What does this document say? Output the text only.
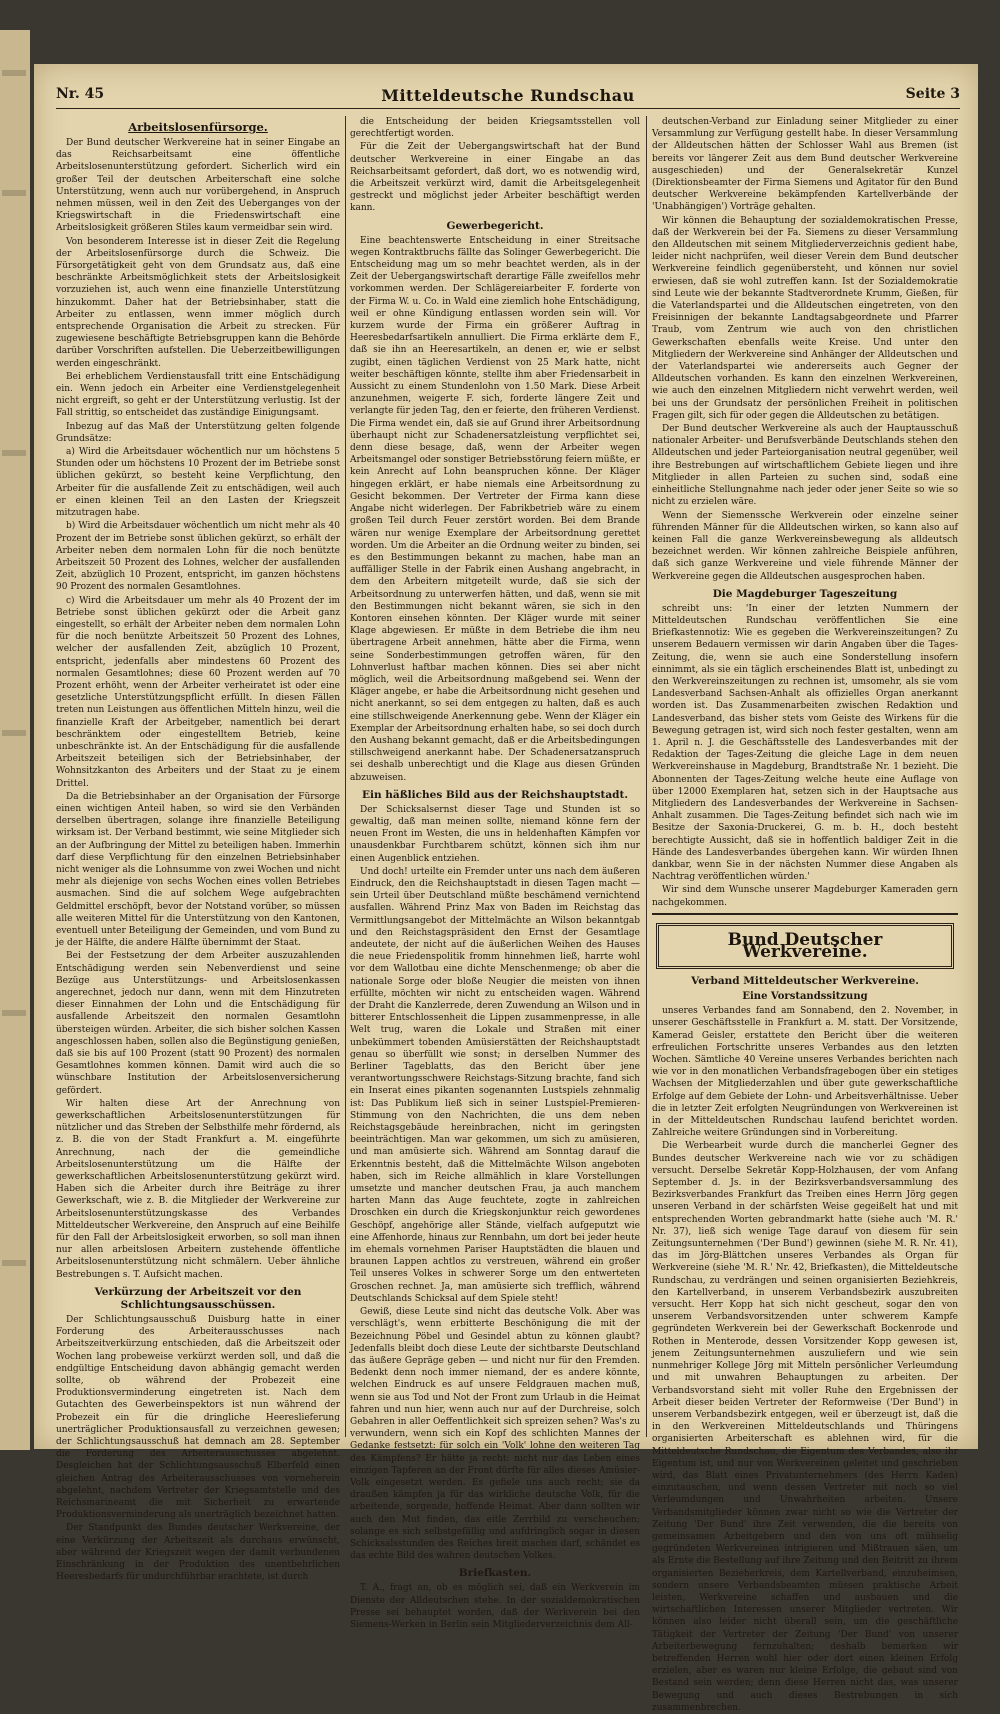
Nr. 45	Mitteldeutsche Rundschau	Seite 3
Arbeitslosenfürsorge.

Der Bund deutscher Werkvereine hat in seiner Eingabe an das Reichsarbeitsamt eine öffentliche Arbeitslosenunterstützung gefordert. Sicherlich wird ein großer Teil der deutschen Arbeiterschaft eine solche Unterstützung, wenn auch nur vorübergehend, in Anspruch nehmen müssen, weil in den Zeit des Ueberganges von der Kriegswirtschaft in die Friedenswirtschaft eine Arbeitslosigkeit größeren Stiles kaum vermeidbar sein wird.

Von besonderem Interesse ist in dieser Zeit die Regelung der Arbeitslosenfürsorge durch die Schweiz. Die Fürsorgetätigkeit geht von dem Grundsatz aus, daß eine beschränkte Arbeitsmöglichkeit stets der Arbeitslosigkeit vorzuziehen ist, auch wenn eine finanzielle Unterstützung hinzukommt. Daher hat der Betriebsinhaber, statt die Arbeiter zu entlassen, wenn immer möglich durch entsprechende Organisation die Arbeit zu strecken. Für zugewiesene beschäftigte Betriebsgruppen kann die Behörde darüber Vorschriften aufstellen. Die Ueberzeitbewilligungen werden eingeschränkt.

Bei erheblichem Verdienstausfall tritt eine Entschädigung ein. Wenn jedoch ein Arbeiter eine Verdienstgelegenheit nicht ergreift, so geht er der Unterstützung verlustig. Ist der Fall strittig, so entscheidet das zuständige Einigungsamt.

Inbezug auf das Maß der Unterstützung gelten folgende Grundsätze:

a) Wird die Arbeitsdauer wöchentlich nur um höchstens 5 Stunden oder um höchstens 10 Prozent der im Betriebe sonst üblichen gekürzt, so besteht keine Verpflichtung, den Arbeiter für die ausfallende Zeit zu entschädigen, weil auch er einen kleinen Teil an den Lasten der Kriegszeit mitzutragen habe.

b) Wird die Arbeitsdauer wöchentlich um nicht mehr als 40 Prozent der im Betriebe sonst üblichen gekürzt, so erhält der Arbeiter neben dem normalen Lohn für die noch benützte Arbeitszeit 50 Prozent des Lohnes, welcher der ausfallenden Zeit, abzüglich 10 Prozent, entspricht, im ganzen höchstens 90 Prozent des normalen Gesamtlohnes.

c) Wird die Arbeitsdauer um mehr als 40 Prozent der im Betriebe sonst üblichen gekürzt oder die Arbeit ganz eingestellt, so erhält der Arbeiter neben dem normalen Lohn für die noch benützte Arbeitszeit 50 Prozent des Lohnes, welcher der ausfallenden Zeit, abzüglich 10 Prozent, entspricht, jedenfalls aber mindestens 60 Prozent des normalen Gesamtlohnes; diese 60 Prozent werden auf 70 Prozent erhöht, wenn der Arbeiter verheiratet ist oder eine gesetzliche Unterstützungspflicht erfüllt. In diesen Fällen treten nun Leistungen aus öffentlichen Mitteln hinzu, weil die finanzielle Kraft der Arbeitgeber, namentlich bei derart beschränktem oder eingestelltem Betrieb, keine unbeschränkte ist. An der Entschädigung für die ausfallende Arbeitszeit beteiligen sich der Betriebsinhaber, der Wohnsitzkanton des Arbeiters und der Staat zu je einem Drittel.

Da die Betriebsinhaber an der Organisation der Fürsorge einen wichtigen Anteil haben, so wird sie den Verbänden derselben übertragen, solange ihre finanzielle Beteiligung wirksam ist. Der Verband bestimmt, wie seine Mitglieder sich an der Aufbringung der Mittel zu beteiligen haben. Immerhin darf diese Verpflichtung für den einzelnen Betriebsinhaber nicht weniger als die Lohnsumme von zwei Wochen und nicht mehr als diejenige von sechs Wochen eines vollen Betriebes ausmachen. Sind die auf solchem Wege aufgebrachten Geldmittel erschöpft, bevor der Notstand vorüber, so müssen alle weiteren Mittel für die Unterstützung von den Kantonen, eventuell unter Beteiligung der Gemeinden, und vom Bund zu je der Hälfte, die andere Hälfte übernimmt der Staat.

Bei der Festsetzung der dem Arbeiter auszuzahlenden Entschädigung werden sein Nebenverdienst und seine Bezüge aus Unterstützungs- und Arbeitslosenkassen angerechnet, jedoch nur dann, wenn mit dem Hinzutreten dieser Einnahmen der Lohn und die Entschädigung für ausfallende Arbeitszeit den normalen Gesamtlohn übersteigen würden. Arbeiter, die sich bisher solchen Kassen angeschlossen haben, sollen also die Begünstigung genießen, daß sie bis auf 100 Prozent (statt 90 Prozent) des normalen Gesamtlohnes kommen können. Damit wird auch die so wünschbare Institution der Arbeitslosenversicherung gefördert.

Wir halten diese Art der Anrechnung von gewerkschaftlichen Arbeitslosenunterstützungen für nützlicher und das Streben der Selbsthilfe mehr fördernd, als z. B. die von der Stadt Frankfurt a. M. eingeführte Anrechnung, nach der die gemeindliche Arbeitslosenunterstützung um die Hälfte der gewerkschaftlichen Arbeitslosenunterstützung gekürzt wird. Haben sich die Arbeiter durch ihre Beiträge zu ihrer Gewerkschaft, wie z. B. die Mitglieder der Werkvereine zur Arbeitslosenunterstützungskasse des Verbandes Mitteldeutscher Werkvereine, den Anspruch auf eine Beihilfe für den Fall der Arbeitslosigkeit erworben, so soll man ihnen nur allen arbeitslosen Arbeitern zustehende öffentliche Arbeitslosenunterstützung nicht schmälern. Ueber ähnliche Bestrebungen s. T. Aufsicht machen.

Verkürzung der Arbeitszeit vor den Schlichtungsausschüssen.

Der Schlichtungsausschuß Duisburg hatte in einer Forderung des Arbeiterausschusses nach Arbeitszeitverkürzung entschieden, daß die Arbeitszeit oder Wochen lang probeweise verkürzt werden soll, und daß die endgültige Entscheidung davon abhängig gemacht werden sollte, ob während der Probezeit eine Produktionsverminderung eingetreten ist. Nach dem Gutachten des Gewerbeinspektors ist nun während der Probezeit ein für die dringliche Heereslieferung unerträglicher Produktionsausfall zu verzeichnen gewesen; der Schlichtungsausschuß hat demnach am 28. September die Forderung des Arbeiterausschusses abgelehnt. Desgleichen hat der Schlichtungsausschuß Elberfeld einen gleichen Antrag des Arbeiterausschusses von vorneherein abgelehnt, nachdem Vertreter der Kriegsamtstelle und des Reichsmarineamt die mit Sicherheit zu erwartende Produktionsverminderung als unerträglich bezeichnet hatten.

Der Standpunkt des Bundes deutscher Werkvereine, der eine Verkürzung der Arbeitszeit als durchaus erwünscht, aber während der Kriegszeit wegen der damit verbundenen Einschränkung in der Produktion des unentbehrlichen Heeresbedarfs für undurchführbar erachtete, ist durch

die Entscheidung der beiden Kriegsamtsstellen voll gerechtfertigt worden.

Für die Zeit der Uebergangswirtschaft hat der Bund deutscher Werkvereine in einer Eingabe an das Reichsarbeitsamt gefordert, daß dort, wo es notwendig wird, die Arbeitszeit verkürzt wird, damit die Arbeitsgelegenheit gestreckt und möglichst jeder Arbeiter beschäftigt werden kann.

Gewerbegericht.

Eine beachtenswerte Entscheidung in einer Streitsache wegen Kontraktbruchs fällte das Solinger Gewerbegericht. Die Entscheidung mag um so mehr beachtet werden, als in der Zeit der Uebergangswirtschaft derartige Fälle zweifellos mehr vorkommen werden. Der Schlägereiarbeiter F. forderte von der Firma W. u. Co. in Wald eine ziemlich hohe Entschädigung, weil er ohne Kündigung entlassen worden sein will. Vor kurzem wurde der Firma ein größerer Auftrag in Heeresbedarfsartikeln annulliert. Die Firma erklärte dem F., daß sie ihn an Heeresartikeln, an denen er, wie er selbst zugibt, einen täglichen Verdienst von 25 Mark hatte, nicht weiter beschäftigen könnte, stellte ihm aber Friedensarbeit in Aussicht zu einem Stundenlohn von 1.50 Mark. Diese Arbeit anzunehmen, weigerte F. sich, forderte längere Zeit und verlangte für jeden Tag, den er feierte, den früheren Verdienst. Die Firma wendet ein, daß sie auf Grund ihrer Arbeitsordnung überhaupt nicht zur Schadenersatzleistung verpflichtet sei, denn diese besage, daß, wenn der Arbeiter wegen Arbeitsmangel oder sonstiger Betriebsstörung feiern müßte, er kein Anrecht auf Lohn beanspruchen könne. Der Kläger hingegen erklärt, er habe niemals eine Arbeitsordnung zu Gesicht bekommen. Der Vertreter der Firma kann diese Angabe nicht widerlegen. Der Fabrikbetrieb wäre zu einem großen Teil durch Feuer zerstört worden. Bei dem Brande wären nur wenige Exemplare der Arbeitsordnung gerettet worden. Um die Arbeiter an die Ordnung weiter zu binden, sei es den Bestimmungen bekannt zu machen, habe man an auffälliger Stelle in der Fabrik einen Aushang angebracht, in dem den Arbeitern mitgeteilt wurde, daß sie sich der Arbeitsordnung zu unterwerfen hätten, und daß, wenn sie mit den Bestimmungen nicht bekannt wären, sie sich in den Kontoren einsehen könnten. Der Kläger wurde mit seiner Klage abgewiesen. Er müßte in dem Betriebe die ihm neu übertragene Arbeit annehmen, hätte aber die Firma, wenn seine Sonderbestimmungen getroffen wären, für den Lohnverlust haftbar machen können. Dies sei aber nicht möglich, weil die Arbeitsordnung maßgebend sei. Wenn der Kläger angebe, er habe die Arbeitsordnung nicht gesehen und nicht anerkannt, so sei dem entgegen zu halten, daß es auch eine stillschweigende Anerkennung gebe. Wenn der Kläger ein Exemplar der Arbeitsordnung erhalten habe, so sei doch durch den Aushang bekannt gemacht, daß er die Arbeitsbedingungen stillschweigend anerkannt habe. Der Schadenersatzanspruch sei deshalb unberechtigt und die Klage aus diesen Gründen abzuweisen.

Ein häßliches Bild aus der Reichshauptstadt.

Der Schicksalsernst dieser Tage und Stunden ist so gewaltig, daß man meinen sollte, niemand könne fern der neuen Front im Westen, die uns in heldenhaften Kämpfen vor unausdenkbar Furchtbarem schützt, können sich ihm nur einen Augenblick entziehen.

Und doch! urteilte ein Fremder unter uns nach dem äußeren Eindruck, den die Reichshauptstadt in diesen Tagen macht — sein Urteil über Deutschland müßte beschämend vernichtend ausfallen. Während Prinz Max von Baden im Reichstag das Vermittlungsangebot der Mittelmächte an Wilson bekanntgab und den Reichstagspräsident den Ernst der Gesamtlage andeutete, der nicht auf die äußerlichen Weihen des Hauses die neue Friedenspolitik fromm hinnehmen ließ, harrte wohl vor dem Wallotbau eine dichte Menschenmenge; ob aber die nationale Sorge oder bloße Neugier die meisten von ihnen erfüllte, möchten wir nicht zu entscheiden wagen. Während der Draht die Kanzlerrede, deren Zuwendung an Wilson und in bitterer Entschlossenheit die Lippen zusammenpresse, in alle Welt trug, waren die Lokale und Straßen mit einer unbekümmert tobenden Amüsierstätten der Reichshauptstadt genau so überfüllt wie sonst; in derselben Nummer des Berliner Tageblatts, das den Bericht über jene verantwortungsschwere Reichstags-Sitzung brachte, fand sich ein Inserat eines pikanten sogenannten Lustspiels zehnmalig ist: Das Publikum ließ sich in seiner Lustspiel-Premieren-Stimmung von den Nachrichten, die uns dem neben Reichstagsgebäude hereinbrachen, nicht im geringsten beeinträchtigen. Man war gekommen, um sich zu amüsieren, und man amüsierte sich. Während am Sonntag darauf die Erkenntnis besteht, daß die Mittelmächte Wilson angeboten haben, sich im Reiche allmählich in klare Vorstellungen umsetzte und mancher deutschen Frau, ja auch manchem harten Mann das Auge feuchtete, zogte in zahlreichen Droschken ein durch die Kriegskonjunktur reich gewordenes Geschöpf, angehörige aller Stände, vielfach aufgeputzt wie eine Affenhorde, hinaus zur Rennbahn, um dort bei jeder heute im ehemals vornehmen Pariser Hauptstädten die blauen und braunen Lappen achtlos zu verstreuen, während ein großer Teil unseres Volkes in schwerer Sorge um den entwerteten Groschen rechnet. Ja, man amüsierte sich trefflich, während Deutschlands Schicksal auf dem Spiele steht!

Gewiß, diese Leute sind nicht das deutsche Volk. Aber was verschlägt's, wenn erbitterte Beschönigung die mit der Bezeichnung Pöbel und Gesindel abtun zu können glaubt? Jedenfalls bleibt doch diese Leute der sichtbarste Deutschland das äußere Gepräge geben — und nicht nur für den Fremden. Bedenkt denn noch immer niemand, der es andere könnte, welchen Eindruck es auf unsere Feldgrauen machen muß, wenn sie aus Tod und Not der Front zum Urlaub in die Heimat fahren und nun hier, wenn auch nur auf der Durchreise, solch Gebahren in aller Oeffentlichkeit sich spreizen sehen? Was's zu verwundern, wenn sich ein Kopf des schlichten Mannes der Gedanke festsetzt: für solch ein 'Volk' lohne den weiteren Tag des Kämpfens? Er hätte ja recht: nicht nur das Leben eines einzigen Tapferen an der Front dürfte für alles dieses Amüsier-Volk eingesetzt werden. Es gefiele uns auch recht; sie da draußen kämpfen ja für das wirkliche deutsche Volk, für die arbeitende, sorgende, hoffende Heimat. Aber dann sollten wir auch den Mut finden, das eitle Zerrbild zu verscheuchen; solange es sich selbstgefällig und aufdringlich sogar in diesen Schicksalsstunden des Reiches breit machen darf, schändet es das echte Bild des wahren deutschen Volkes.

Briefkasten.

T. A., fragt an, ob es möglich sei, daß ein Werkverein im Dienste der Alldeutschen stehe. In der sozialdemokratischen Presse sei behauptet worden, daß der Werkverein bei den Siemens-Werken in Berlin sein Mitgliederverzeichnis dem All-

deutschen-Verband zur Einladung seiner Mitglieder zu einer Versammlung zur Verfügung gestellt habe. In dieser Versammlung der Alldeutschen hätten der Schlosser Wahl aus Bremen (ist bereits vor längerer Zeit aus dem Bund deutscher Werkvereine ausgeschieden) und der Generalsekretär Kunzel (Direktionsbeamter der Firma Siemens und Agitator für den Bund deutscher Werkvereine bekämpfenden Kartellverbände der 'Unabhängigen') Vorträge gehalten.

Wir können die Behauptung der sozialdemokratischen Presse, daß der Werkverein bei der Fa. Siemens zu dieser Versammlung den Alldeutschen mit seinem Mitgliederverzeichnis gedient habe, leider nicht nachprüfen, weil dieser Verein dem Bund deutscher Werkvereine feindlich gegenübersteht, und können nur soviel erwiesen, daß sie wohl zutreffen kann. Ist der Sozialdemokratie sind Leute wie der bekannte Stadtverordnete Krumm, Gießen, für die Vaterlandspartei und die Alldeutschen eingetreten, von den Freisinnigen der bekannte Landtagsabgeordnete und Pfarrer Traub, vom Zentrum wie auch von den christlichen Gewerkschaften ebenfalls weite Kreise. Und unter den Mitgliedern der Werkvereine sind Anhänger der Alldeutschen und der Vaterlandspartei wie andererseits auch Gegner der Alldeutschen vorhanden. Es kann den einzelnen Werkvereinen, wie auch den einzelnen Mitgliedern nicht verwehrt werden, weil bei uns der Grundsatz der persönlichen Freiheit in politischen Fragen gilt, sich für oder gegen die Alldeutschen zu betätigen.

Der Bund deutscher Werkvereine als auch der Hauptausschuß nationaler Arbeiter- und Berufsverbände Deutschlands stehen den Alldeutschen und jeder Parteiorganisation neutral gegenüber, weil ihre Bestrebungen auf wirtschaftlichem Gebiete liegen und ihre Mitglieder in allen Parteien zu suchen sind, sodaß eine einheitliche Stellungnahme nach jeder oder jener Seite so wie so nicht zu erzielen wäre.

Wenn der Siemenssche Werkverein oder einzelne seiner führenden Männer für die Alldeutschen wirken, so kann also auf keinen Fall die ganze Werkvereinsbewegung als alldeutsch bezeichnet werden. Wir können zahlreiche Beispiele anführen, daß sich ganze Werkvereine und viele führende Männer der Werkvereine gegen die Alldeutschen ausgesprochen haben.

Die Magdeburger Tageszeitung

schreibt uns: 'In einer der letzten Nummern der Mitteldeutschen Rundschau veröffentlichen Sie eine Briefkastennotiz: Wie es gegeben die Werkvereinszeitungen? Zu unserem Bedauern vermissen wir darin Angaben über die Tages-Zeitung, die, wenn sie auch eine Sonderstellung insofern einnimmt, als sie ein täglich erscheinendes Blatt ist, unbedingt zu den Werkvereinszeitungen zu rechnen ist, umsomehr, als sie vom Landesverband Sachsen-Anhalt als offizielles Organ anerkannt worden ist. Das Zusammenarbeiten zwischen Redaktion und Landesverband, das bisher stets vom Geiste des Wirkens für die Bewegung getragen ist, wird sich noch fester gestalten, wenn am 1. April n. J. die Geschäftsstelle des Landesverbandes mit der Redaktion der Tages-Zeitung die gleiche Lage in dem neuen Werkvereinshause in Magdeburg, Brandtstraße Nr. 1 bezieht. Die Abonnenten der Tages-Zeitung welche heute eine Auflage von über 12000 Exemplaren hat, setzen sich in der Hauptsache aus Mitgliedern des Landesverbandes der Werkvereine in Sachsen-Anhalt zusammen. Die Tages-Zeitung befindet sich nach wie im Besitze der Saxonia-Druckerei, G. m. b. H., doch besteht berechtigte Aussicht, daß sie in hoffentlich baldiger Zeit in die Hände des Landesverbandes übergehen kann. Wir würden Ihnen dankbar, wenn Sie in der nächsten Nummer diese Angaben als Nachtrag veröffentlichen würden.'

Wir sind dem Wunsche unserer Magdeburger Kameraden gern nachgekommen.

Bund Deutscher Werkvereine.
Verband Mitteldeutscher Werkvereine.
Eine Vorstandssitzung

unseres Verbandes fand am Sonnabend, den 2. November, in unserer Geschäftsstelle in Frankfurt a. M. statt. Der Vorsitzende, Kamerad Geisler, erstattete den Bericht über die weiteren erfreulichen Fortschritte unseres Verbandes aus den letzten Wochen. Sämtliche 40 Vereine unseres Verbandes berichten nach wie vor in den monatlichen Verbandsfragebogen über ein stetiges Wachsen der Mitgliederzahlen und über gute gewerkschaftliche Erfolge auf dem Gebiete der Lohn- und Arbeitsverhältnisse. Ueber die in letzter Zeit erfolgten Neugründungen von Werkvereinen ist in der Mitteldeutschen Rundschau laufend berichtet worden. Zahlreiche weitere Gründungen sind in Vorbereitung.

Die Werbearbeit wurde durch die mancherlei Gegner des Bundes deutscher Werkvereine nach wie vor zu schädigen versucht. Derselbe Sekretär Kopp-Holzhausen, der vom Anfang September d. Js. in der Bezirksverbandsversammlung des Bezirksverbandes Frankfurt das Treiben eines Herrn Jörg gegen unseren Verband in der schärfsten Weise gegeißelt hat und mit entsprechenden Worten gebrandmarkt hatte (siehe auch 'M. R.' Nr. 37), ließ sich wenige Tage darauf von diesem für sein Zeitungsunternehmen ('Der Bund') gewinnen (siehe M. R. Nr. 41), das im Jörg-Blättchen unseres Verbandes als Organ für Werkvereine (siehe 'M. R.' Nr. 42, Briefkasten), die Mitteldeutsche Rundschau, zu verdrängen und seinen organisierten Beziehkreis, den Kartellverband, in unserem Verbandsbezirk auszubreiten versucht. Herr Kopp hat sich nicht gescheut, sogar den von unserem Verbandsvorsitzenden unter schwerem Kampfe gegründeten Werkverein bei der Gewerkschaft Bockenrode und Rothen in Menterode, dessen Vorsitzender Kopp gewesen ist, jenem Zeitungsunternehmen auszuliefern und wie sein nunmehriger Kollege Jörg mit Mitteln persönlicher Verleumdung und mit unwahren Behauptungen zu arbeiten. Der Verbandsvorstand sieht mit voller Ruhe den Ergebnissen der Arbeit dieser beiden Vertreter der Reformweise ('Der Bund') in unserem Verbandsbezirk entgegen, weil er überzeugt ist, daß die in den Werkvereinen Mitteldeutschlands und Thüringens organisierten Arbeiterschaft es ablehnen wird, für die Mitteldeutsche Rundschau, die Eigentum des Verbandes, also ihr Eigentum ist, und nur von Werkvereinen geleitet und geschrieben wird, das Blatt eines Privatunternehmers (des Herrn Kaden) einzutauschen, und wenn dessen Vertreter mit noch so viel Verleumdungen und Unwahrheiten arbeiten. Unsere Verbandsmitglieder können zwar nicht so wie die Vertreter der Zeitung 'Der Bund' ihre Zeit verwenden, die die bereits von gemeinsamen Arbeitgebern und den von uns oft mühselig gegründeten Werkvereinen intrigieren und Mißtrauen säen, um als Ernte die Bestellung auf ihre Zeitung und den Beitritt zu ihrem organisierten Bezieherkreis, dem Kartellverband, einzuheimsen, sondern unsere Verbandsbeamten müssen praktische Arbeit leisten, Werkvereine schaffen und ausbauen und die wirtschaftlichen Interessen unserer Mitglieder vertreten. Wir können also leider nicht überall sein, um die geschäftliche Tätigkeit der Vertreter der Zeitung 'Der Bund' von unserer Arbeiterbewegung fernzuhalten; deshalb bemerken wir betreffenden Herren wohl hier oder dort einen kleinen Erfolg erzielen, aber es waren nur kleine Erfolge, die gebaut sind von Bestand sein werden; denn diese Herren nicht das, was unserer Bewegung und auch dieses Bestrebungen in sich zusammenbrechen.
